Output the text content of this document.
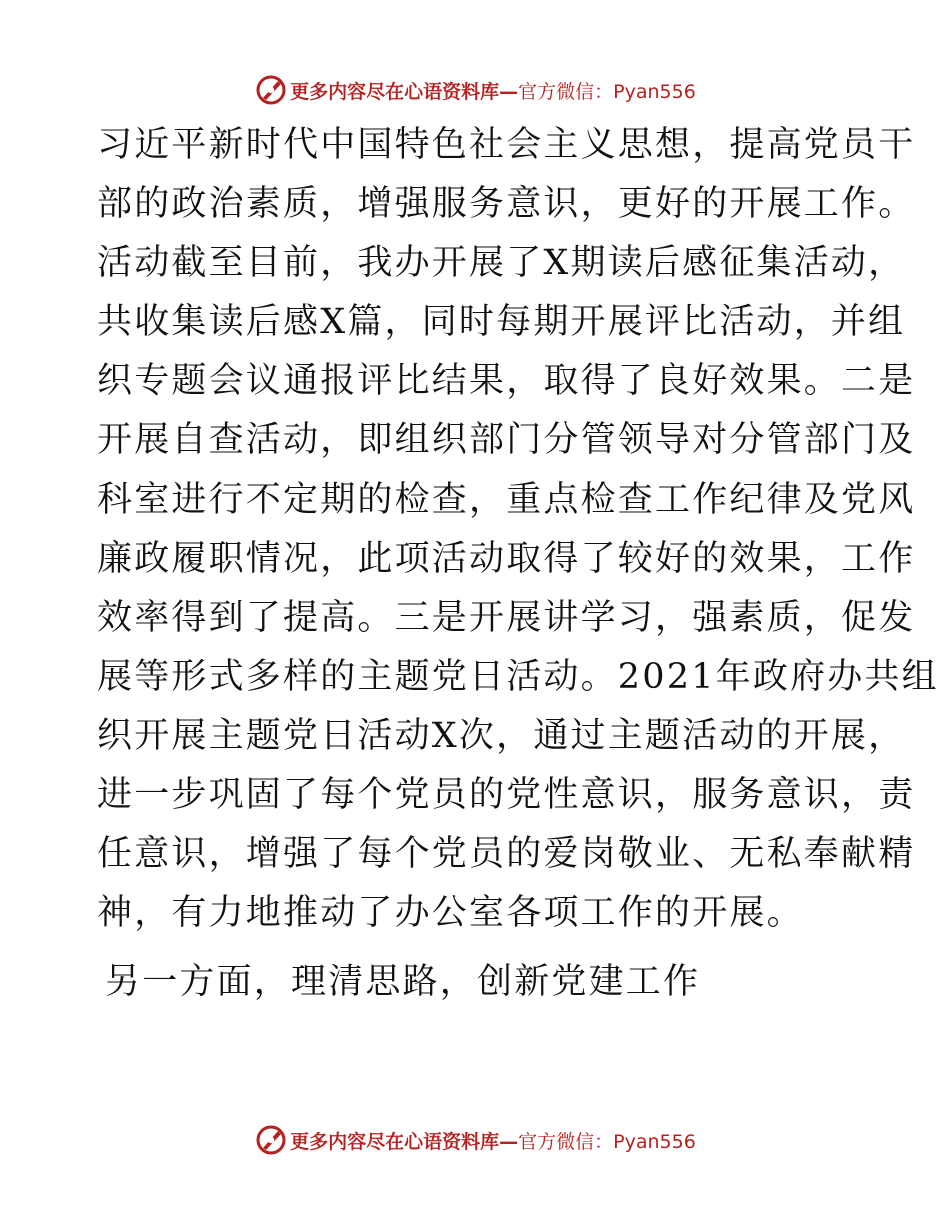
更多内容尽在心语资料库—官方微信：Pyan556
习近平新时代中国特色社会主义思想，提高党员干
部的政治素质，增强服务意识，更好的开展工作。
活动截至目前，我办开展了X期读后感征集活动，
共收集读后感X篇，同时每期开展评比活动，并组
织专题会议通报评比结果，取得了良好效果。二是
开展自查活动，即组织部门分管领导对分管部门及
科室进行不定期的检查，重点检查工作纪律及党风
廉政履职情况，此项活动取得了较好的效果，工作
效率得到了提高。三是开展讲学习，强素质，促发
展等形式多样的主题党日活动。2021年政府办共组
织开展主题党日活动X次，通过主题活动的开展，
进一步巩固了每个党员的党性意识，服务意识，责
任意识，增强了每个党员的爱岗敬业、无私奉献精
神，有力地推动了办公室各项工作的开展。
另一方面，理清思路，创新党建工作
更多内容尽在心语资料库—官方微信：Pyan556
